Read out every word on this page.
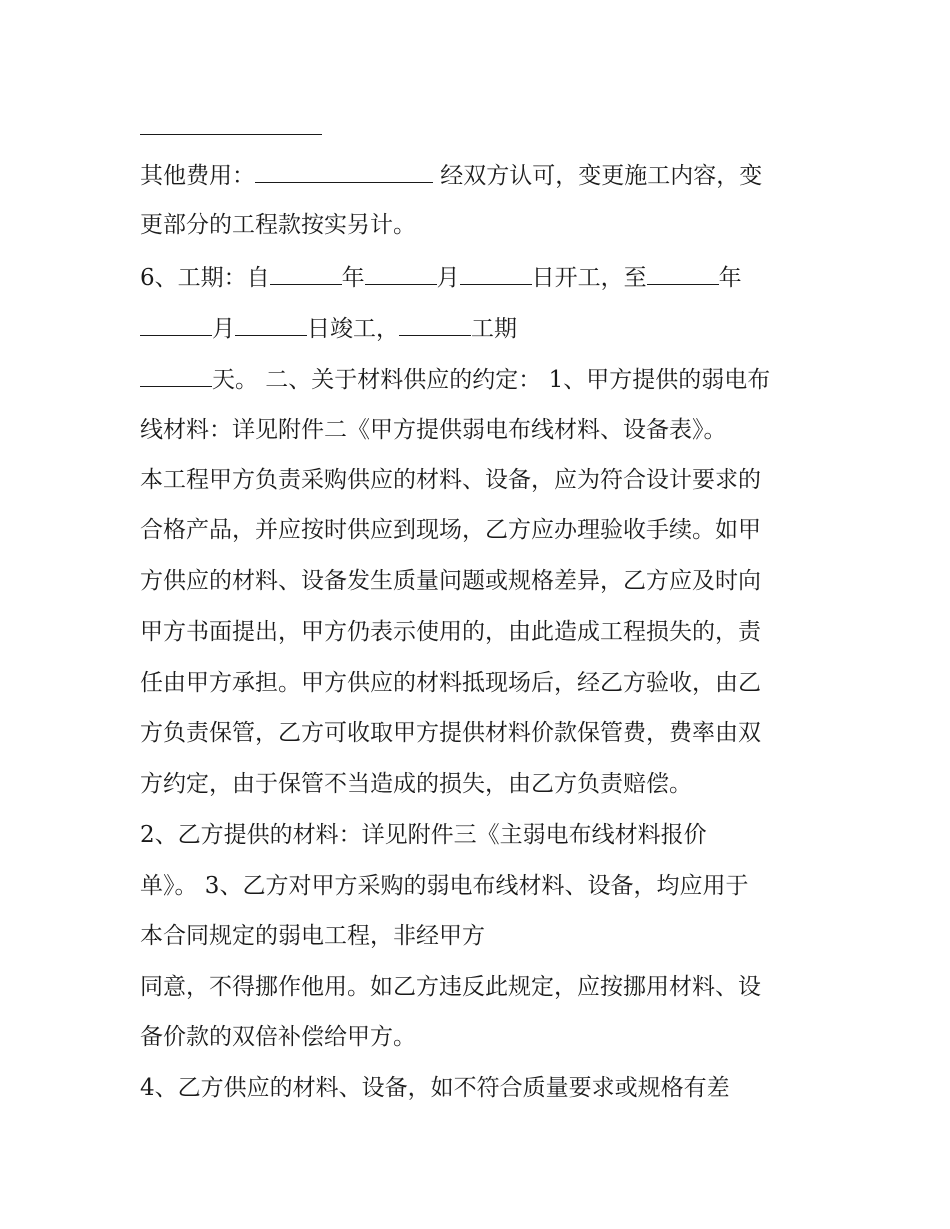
其他费用：	经双方认可，变更施工内容，变
更部分的工程款按实另计。
6、工期：自	年	月	日开工，至	年
月	日竣工，	工期
天。 二、关于材料供应的约定： 1、甲方提供的弱电布
线材料：详见附件二《甲方提供弱电布线材料、设备表》。
本工程甲方负责采购供应的材料、设备，应为符合设计要求的
合格产品，并应按时供应到现场，乙方应办理验收手续。如甲
方供应的材料、设备发生质量问题或规格差异，乙方应及时向
甲方书面提出，甲方仍表示使用的，由此造成工程损失的，责
任由甲方承担。甲方供应的材料抵现场后，经乙方验收，由乙
方负责保管，乙方可收取甲方提供材料价款保管费，费率由双
方约定，由于保管不当造成的损失，由乙方负责赔偿。
2、乙方提供的材料：详见附件三《主弱电布线材料报价
单》。 3、乙方对甲方采购的弱电布线材料、设备，均应用于
本合同规定的弱电工程，非经甲方
同意，不得挪作他用。如乙方违反此规定，应按挪用材料、设
备价款的双倍补偿给甲方。
4、乙方供应的材料、设备，如不符合质量要求或规格有差
